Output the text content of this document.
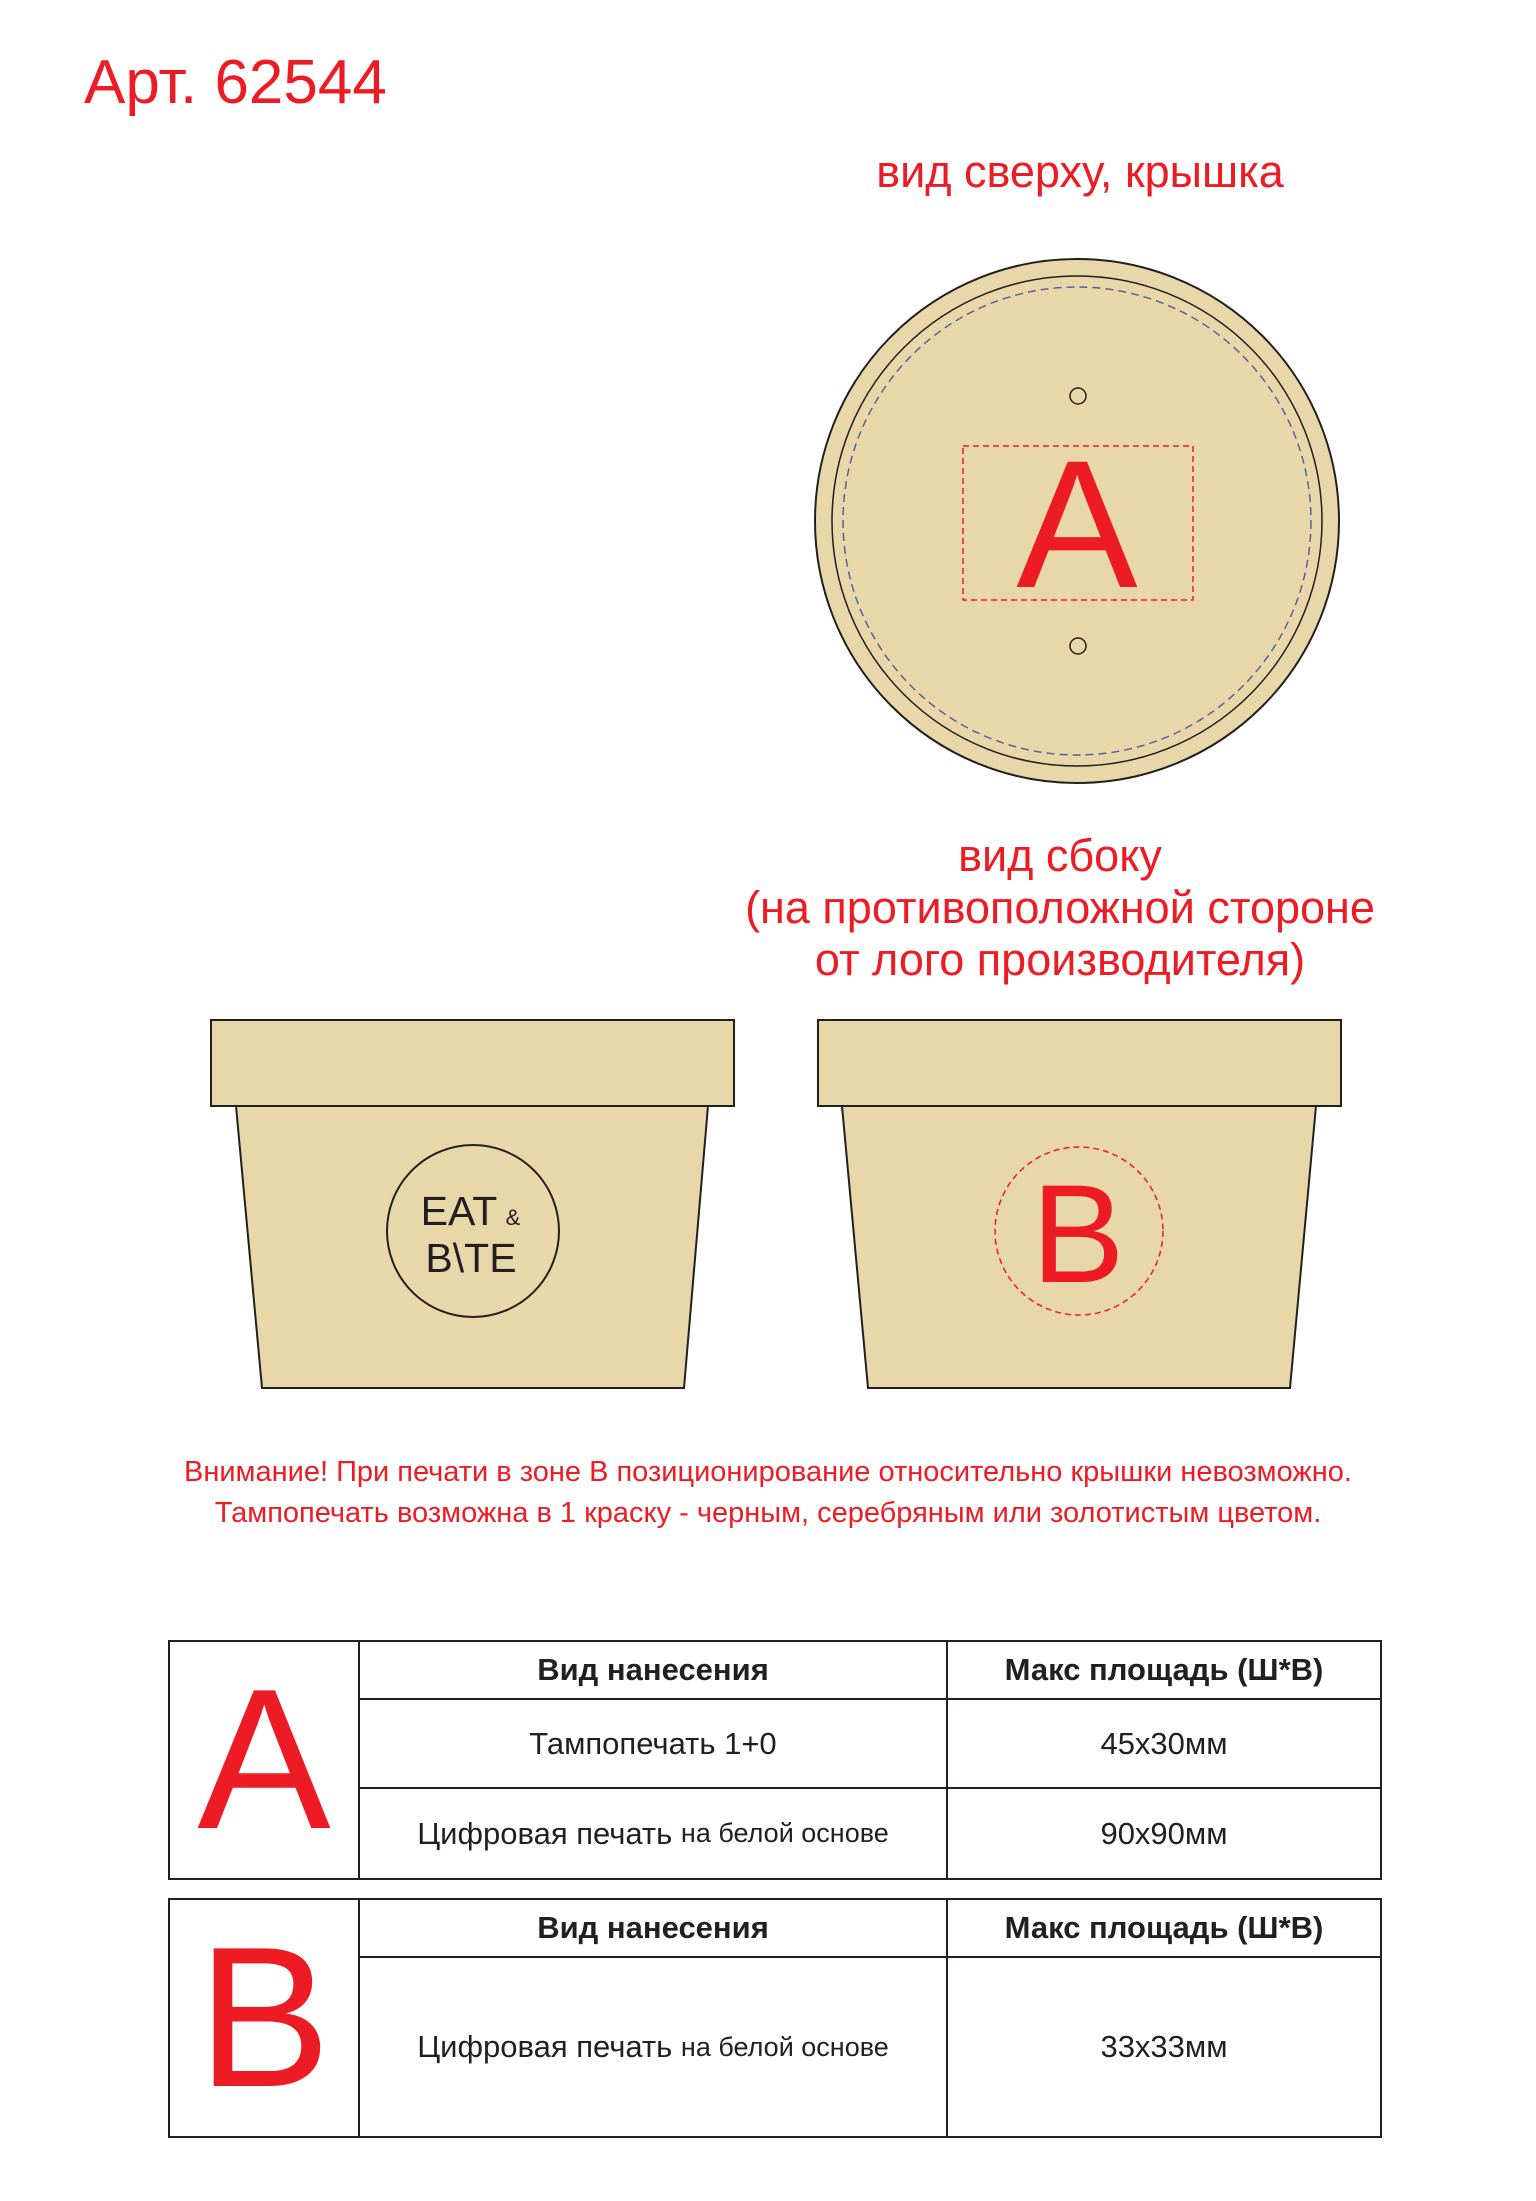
Арт. 62544
вид сверху, крышка
вид сбоку
(на противоположной стороне
от лого производителя)
A
EAT &
B\TE	B
Внимание! При печати в зоне В позиционирование относительно крышки невозможно.
Тампопечать возможна в 1 краску - черным, серебряным или золотистым цветом.
A	Вид нанесения	Макс площадь (Ш*В)
Тампопечать 1+0	45х30мм
Цифровая печать
на белой основе	90х90мм
B	Вид нанесения	Макс площадь (Ш*В)
Цифровая печать
на белой основе	33х33мм
